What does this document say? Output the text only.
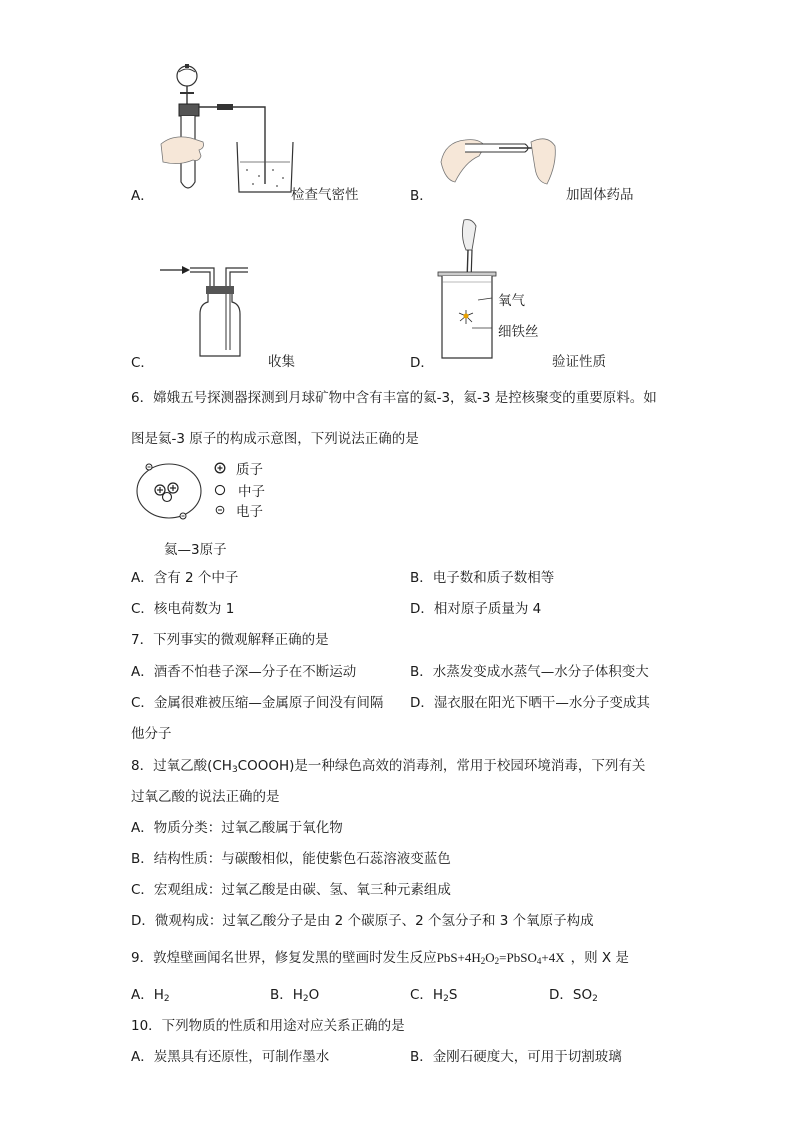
A．	检查气密性	B．	加固体药品
C．	收集
氧气
细铁丝
D．	验证性质
6．嫦娥五号探测器探测到月球矿物中含有丰富的氦-3，氦-3 是控核聚变的重要原料。如
图是氦-3 原子的构成示意图，下列说法正确的是
质子
中子
电子
氦—3原子
A．含有 2 个中子	B．电子数和质子数相等
C．核电荷数为 1	D．相对原子质量为 4
7．下列事实的微观解释正确的是
A．酒香不怕巷子深—分子在不断运动	B．水蒸发变成水蒸气—水分子体积变大
C．金属很难被压缩—金属原子间没有间隔 D．湿衣服在阳光下晒干—水分子变成其
他分子
8．过氧乙酸$(CH_3COOOH)$是一种绿色高效的消毒剂，常用于校园环境消毒，下列有关
过氧乙酸的说法正确的是
A．物质分类：过氧乙酸属于氧化物
B．结构性质：与碳酸相似，能使紫色石蕊溶液变蓝色
C．宏观组成：过氧乙酸是由碳、氢、氧三种元素组成
D．微观构成：过氧乙酸分子是由 2 个碳原子、2 个氢分子和 3 个氧原子构成
9．敦煌壁画闻名世界，修复发黑的壁画时发生反应$PbS+4H_2O_2=PbSO_4+4X$ ，则 X 是
A．$H_2$	B．$H_2O$	C．$H_2S$	D．$SO_2$
10．下列物质的性质和用途对应关系正确的是
A．炭黑具有还原性，可制作墨水	B．金刚石硬度大，可用于切割玻璃
